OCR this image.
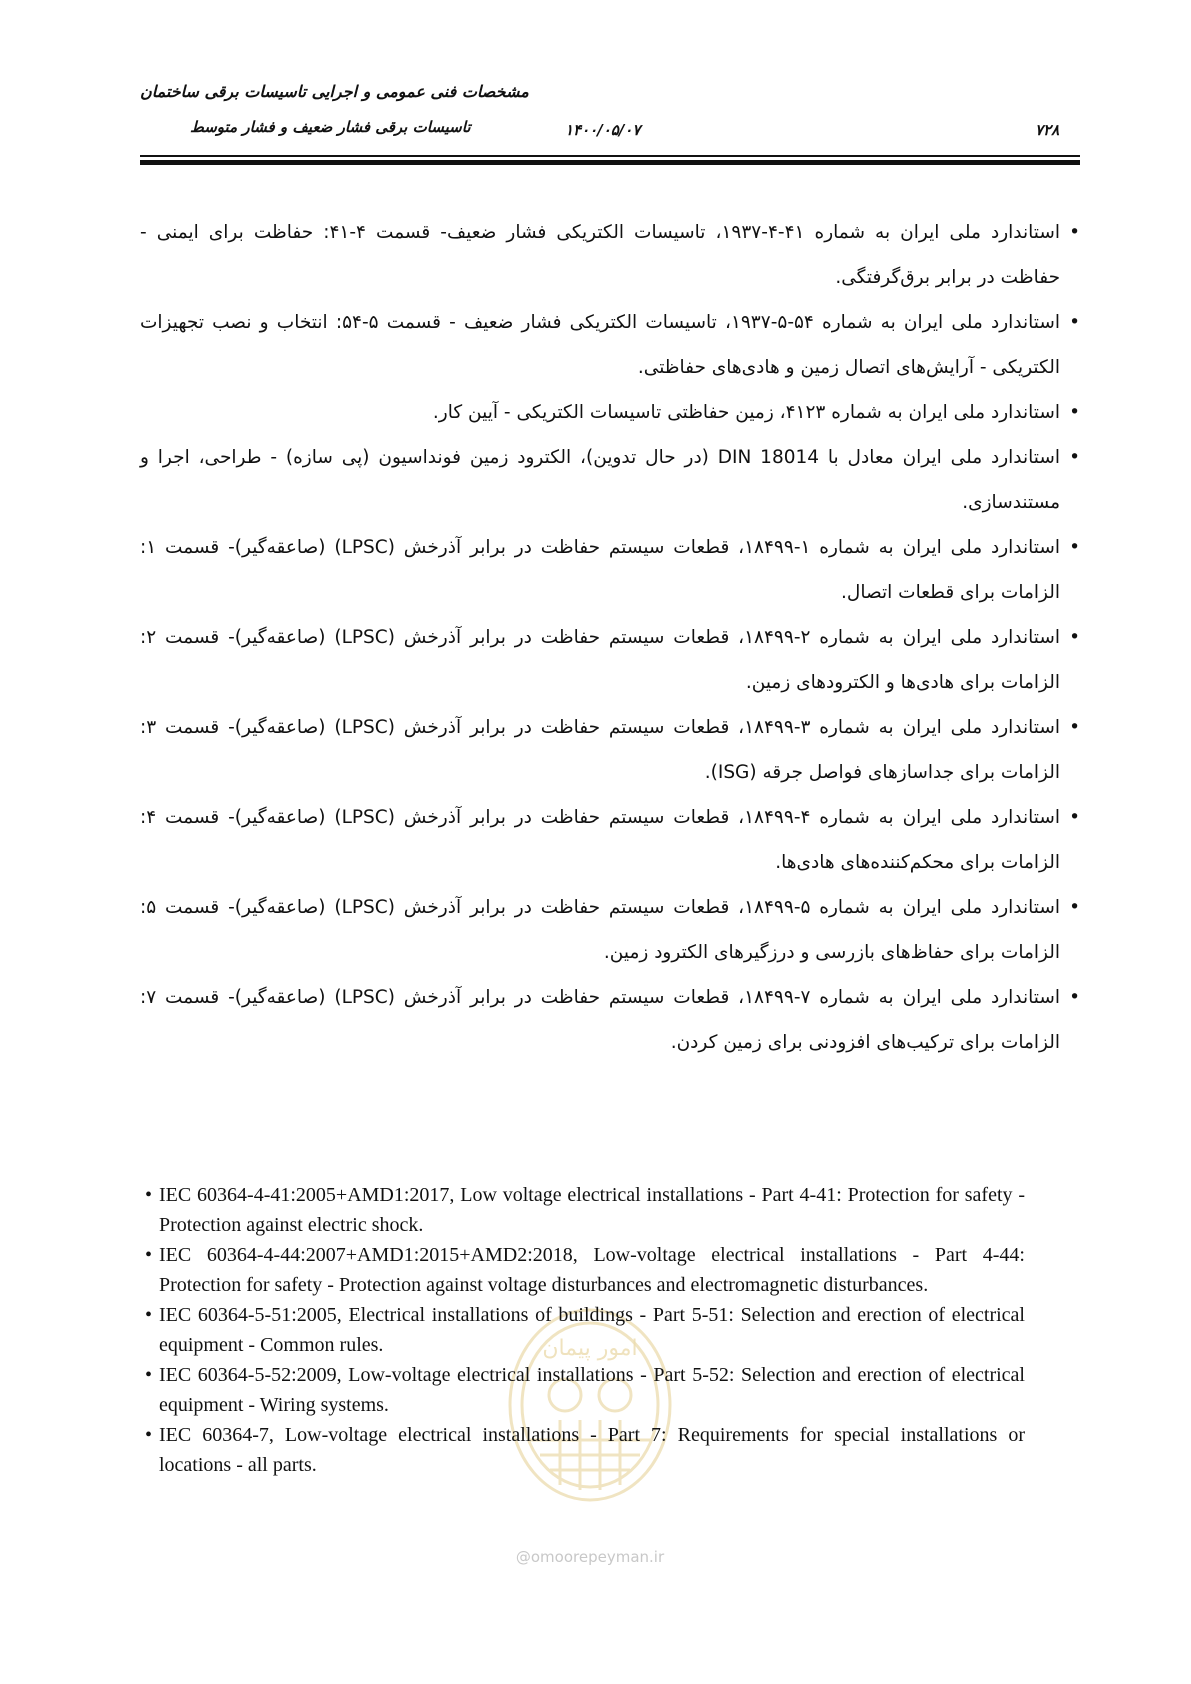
مشخصات فنی عمومی و اجرایی تاسیسات برقی ساختمان
تاسیسات برقی فشار ضعیف و فشار متوسط	۱۴۰۰/۰۵/۰۷	۷۲۸
امور پیمان
@omoorepeyman.ir
•
استاندارد ملی ایران به شماره ۴۱-۴-۱۹۳۷، تاسیسات الکتریکی فشار ضعیف- قسمت ۴-۴۱: حفاظت برای ایمنی - حفاظت در برابر برق‌گرفتگی.
•
استاندارد ملی ایران به شماره ۵۴-۵-۱۹۳۷، تاسیسات الکتریکی فشار ضعیف - قسمت ۵-۵۴: انتخاب و نصب تجهیزات الکتریکی - آرایش‌های اتصال زمین و هادی‌های حفاظتی.
•
استاندارد ملی ایران به شماره ۴۱۲۳، زمین حفاظتی تاسیسات الکتریکی - آیین کار.
•
استاندارد ملی ایران معادل با DIN 18014 (در حال تدوین)، الکترود زمین فونداسیون (پی سازه) - طراحی، اجرا و مستندسازی.
•
استاندارد ملی ایران به شماره ۱-۱۸۴۹۹، قطعات سیستم حفاظت در برابر آذرخش (LPSC) (صاعقه‌گیر)- قسمت ۱: الزامات برای قطعات اتصال.
•
استاندارد ملی ایران به شماره ۲-۱۸۴۹۹، قطعات سیستم حفاظت در برابر آذرخش (LPSC) (صاعقه‌گیر)- قسمت ۲: الزامات برای هادی‌ها و الکترودهای زمین.
•
استاندارد ملی ایران به شماره ۳-۱۸۴۹۹، قطعات سیستم حفاظت در برابر آذرخش (LPSC) (صاعقه‌گیر)- قسمت ۳: الزامات برای جداسازهای فواصل جرقه (ISG).
•
استاندارد ملی ایران به شماره ۴-۱۸۴۹۹، قطعات سیستم حفاظت در برابر آذرخش (LPSC) (صاعقه‌گیر)- قسمت ۴: الزامات برای محکم‌کننده‌های هادی‌ها.
•
استاندارد ملی ایران به شماره ۵-۱۸۴۹۹، قطعات سیستم حفاظت در برابر آذرخش (LPSC) (صاعقه‌گیر)- قسمت ۵: الزامات برای حفاظ‌های بازرسی و درزگیرهای الکترود زمین.
•
استاندارد ملی ایران به شماره ۷-۱۸۴۹۹، قطعات سیستم حفاظت در برابر آذرخش (LPSC) (صاعقه‌گیر)- قسمت ۷: الزامات برای ترکیب‌های افزودنی برای زمین کردن.
• IEC 60364-4-41:2005+AMD1:2017, Low voltage electrical installations - Part 4-41: Protection for safety - Protection against electric shock.
• IEC 60364-4-44:2007+AMD1:2015+AMD2:2018, Low-voltage electrical installations - Part 4-44: Protection for safety - Protection against voltage disturbances and electromagnetic disturbances.
• IEC 60364-5-51:2005, Electrical installations of buildings - Part 5-51: Selection and erection of electrical equipment - Common rules.
• IEC 60364-5-52:2009, Low-voltage electrical installations - Part 5-52: Selection and erection of electrical equipment - Wiring systems.
• IEC 60364-7, Low-voltage electrical installations - Part 7: Requirements for special installations or locations - all parts.
